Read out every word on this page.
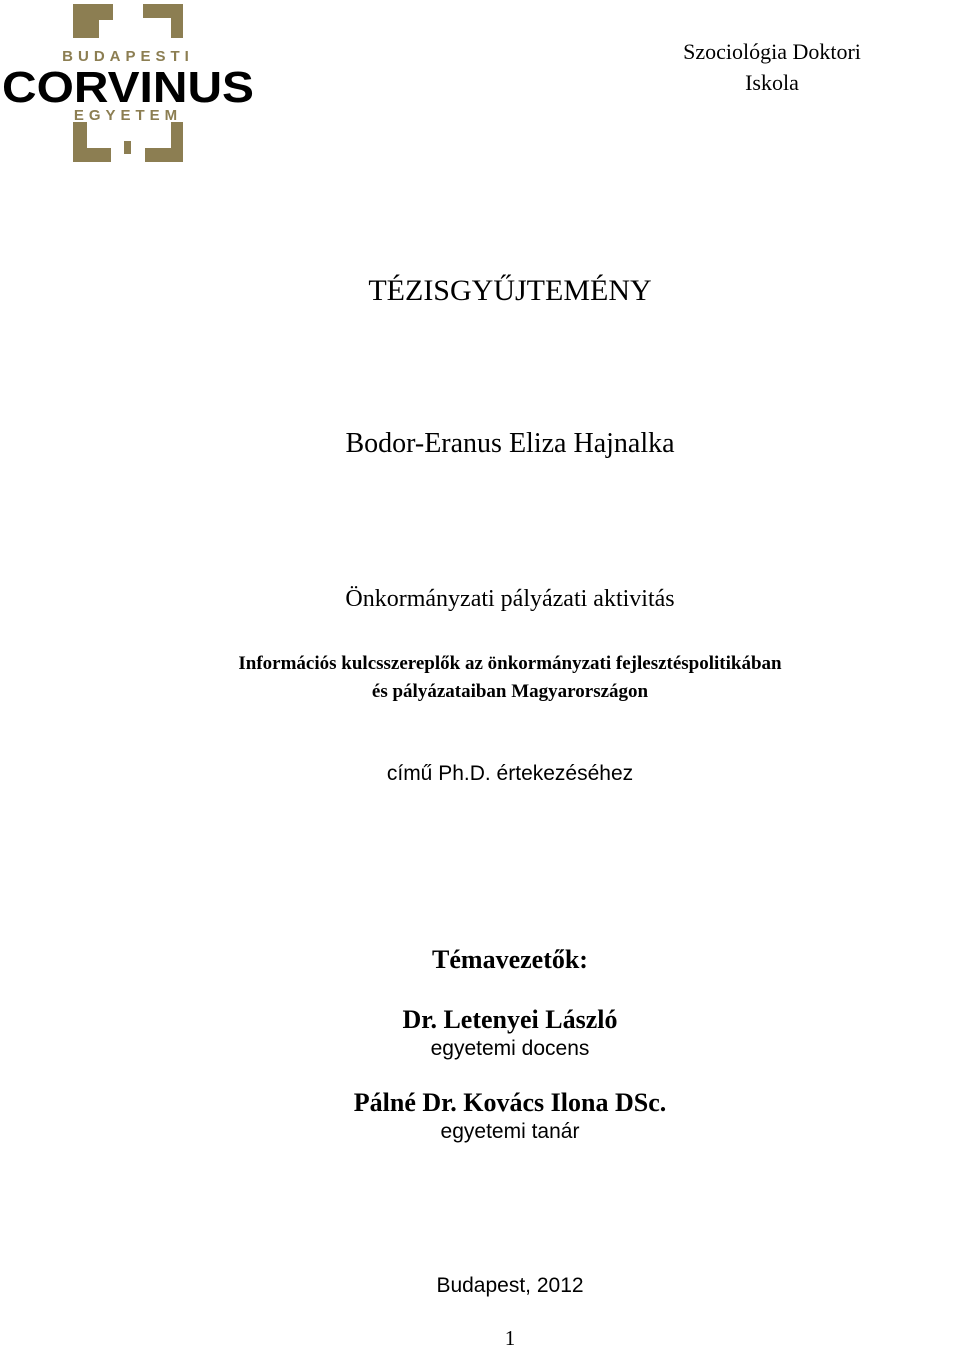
BUDAPESTI
CORVINUS
EGYETEM
Szociológia Doktori
Iskola
TÉZISGYŰJTEMÉNY
Bodor-Eranus Eliza Hajnalka
Önkormányzati pályázati aktivitás
Információs kulcsszereplők az önkormányzati fejlesztéspolitikában
és pályázataiban Magyarországon
című Ph.D. értekezéséhez
Témavezetők:
Dr. Letenyei László
egyetemi docens
Pálné Dr. Kovács Ilona DSc.
egyetemi tanár
Budapest, 2012
1
